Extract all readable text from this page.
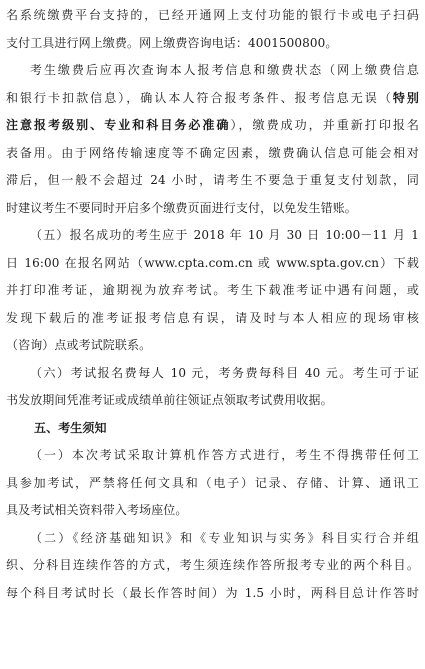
名系统缴费平台支持的，已经开通网上支付功能的银行卡或电子扫码
支付工具进行网上缴费。网上缴费咨询电话：4001500800。
考生缴费后应再次查询本人报考信息和缴费状态（网上缴费信息
和银行卡扣款信息），确认本人符合报考条件、报考信息无误（特别
注意报考级别、专业和科目务必准确），缴费成功，并重新打印报名
表备用。由于网络传输速度等不确定因素，缴费确认信息可能会相对
滞后，但一般不会超过 24 小时，请考生不要急于重复支付划款，同
时建议考生不要同时开启多个缴费页面进行支付，以免发生错账。
（五）报名成功的考生应于 2018 年 10 月 30 日 10:00－11 月 1
日 16:00 在报名网站（www.cpta.com.cn 或 www.spta.gov.cn）下载
并打印准考证，逾期视为放弃考试。考生下载准考证中遇有问题，或
发现下载后的准考证报考信息有误，请及时与本人相应的现场审核
（咨询）点或考试院联系。
（六）考试报名费每人 10 元，考务费每科目 40 元。考生可于证
书发放期间凭准考证或成绩单前往领证点领取考试费用收据。
五、考生须知
（一）本次考试采取计算机作答方式进行，考生不得携带任何工
具参加考试，严禁将任何文具和（电子）记录、存储、计算、通讯工
具及考试相关资料带入考场座位。
（二）《经济基础知识》和《专业知识与实务》科目实行合并组
织、分科目连续作答的方式，考生须连续作答所报考专业的两个科目。
每个科目考试时长（最长作答时间）为 1.5 小时，两科目总计作答时
